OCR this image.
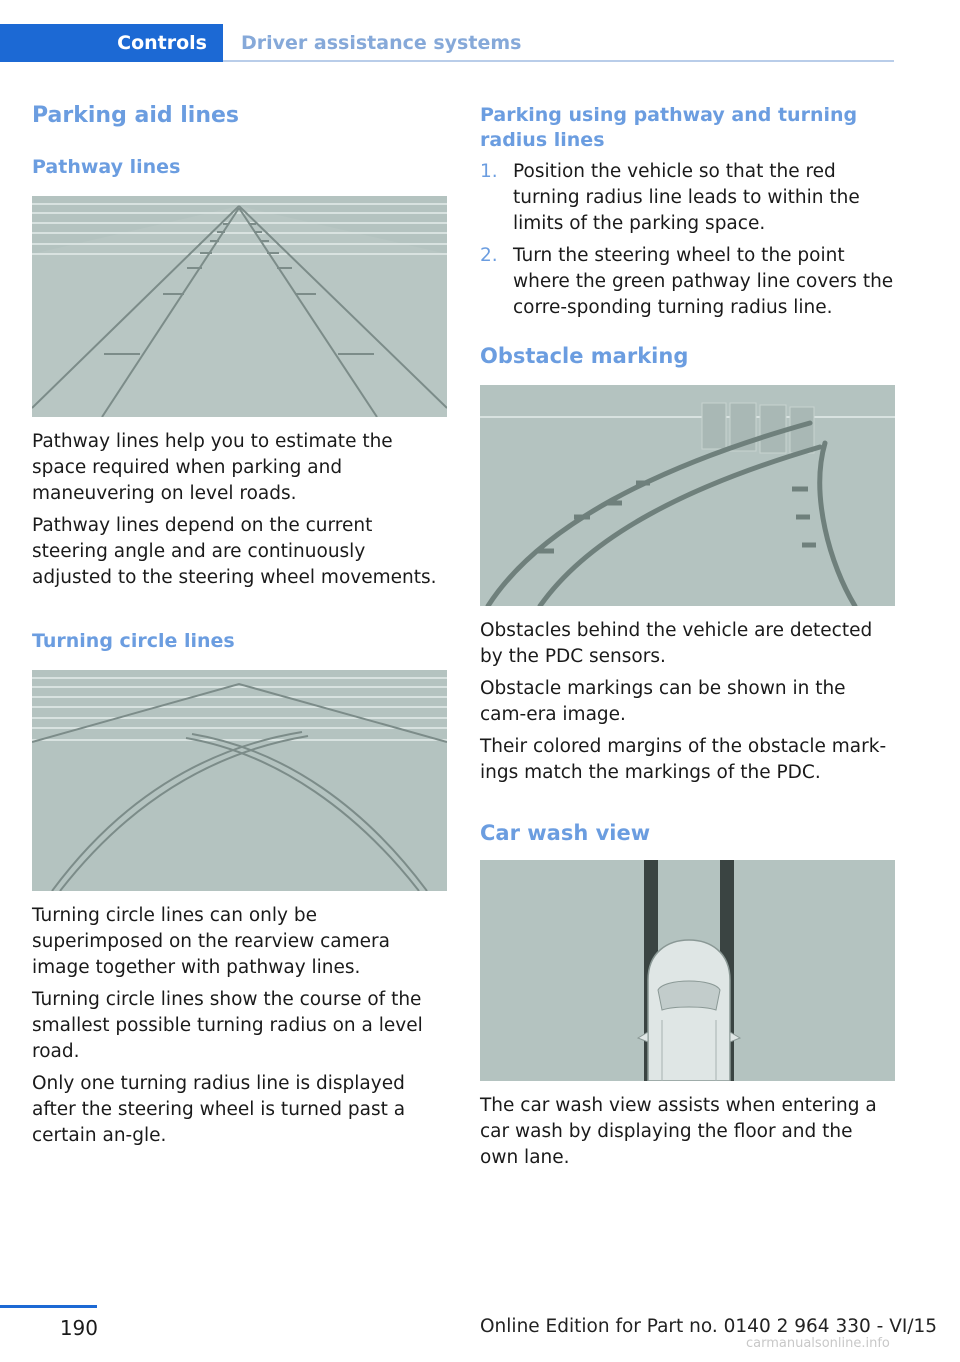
Controls	Driver assistance systems
Parking aid lines
Pathway lines

Pathway lines help you to estimate the space required when parking and maneuvering on level roads.

Pathway lines depend on the current steering angle and are continuously adjusted to the steering wheel movements.

Turning circle lines

Turning circle lines can only be superimposed on the rearview camera image together with pathway lines.

Turning circle lines show the course of the smallest possible turning radius on a level road.

Only one turning radius line is displayed after the steering wheel is turned past a certain an‐gle.

Parking using pathway and turning radius lines
1. Position the vehicle so that the red turning radius line leads to within the limits of the parking space.
2. Turn the steering wheel to the point where the green pathway line covers the corre‐sponding turning radius line.
Obstacle marking

Obstacles behind the vehicle are detected by the PDC sensors.

Obstacle markings can be shown in the cam‐era image.

Their colored margins of the obstacle mark‐ings match the markings of the PDC.

Car wash view

The car wash view assists when entering a car wash by displaying the floor and the own lane.

190	Online Edition for Part no. 0140 2 964 330 - VI/15
carmanualsonline.info
